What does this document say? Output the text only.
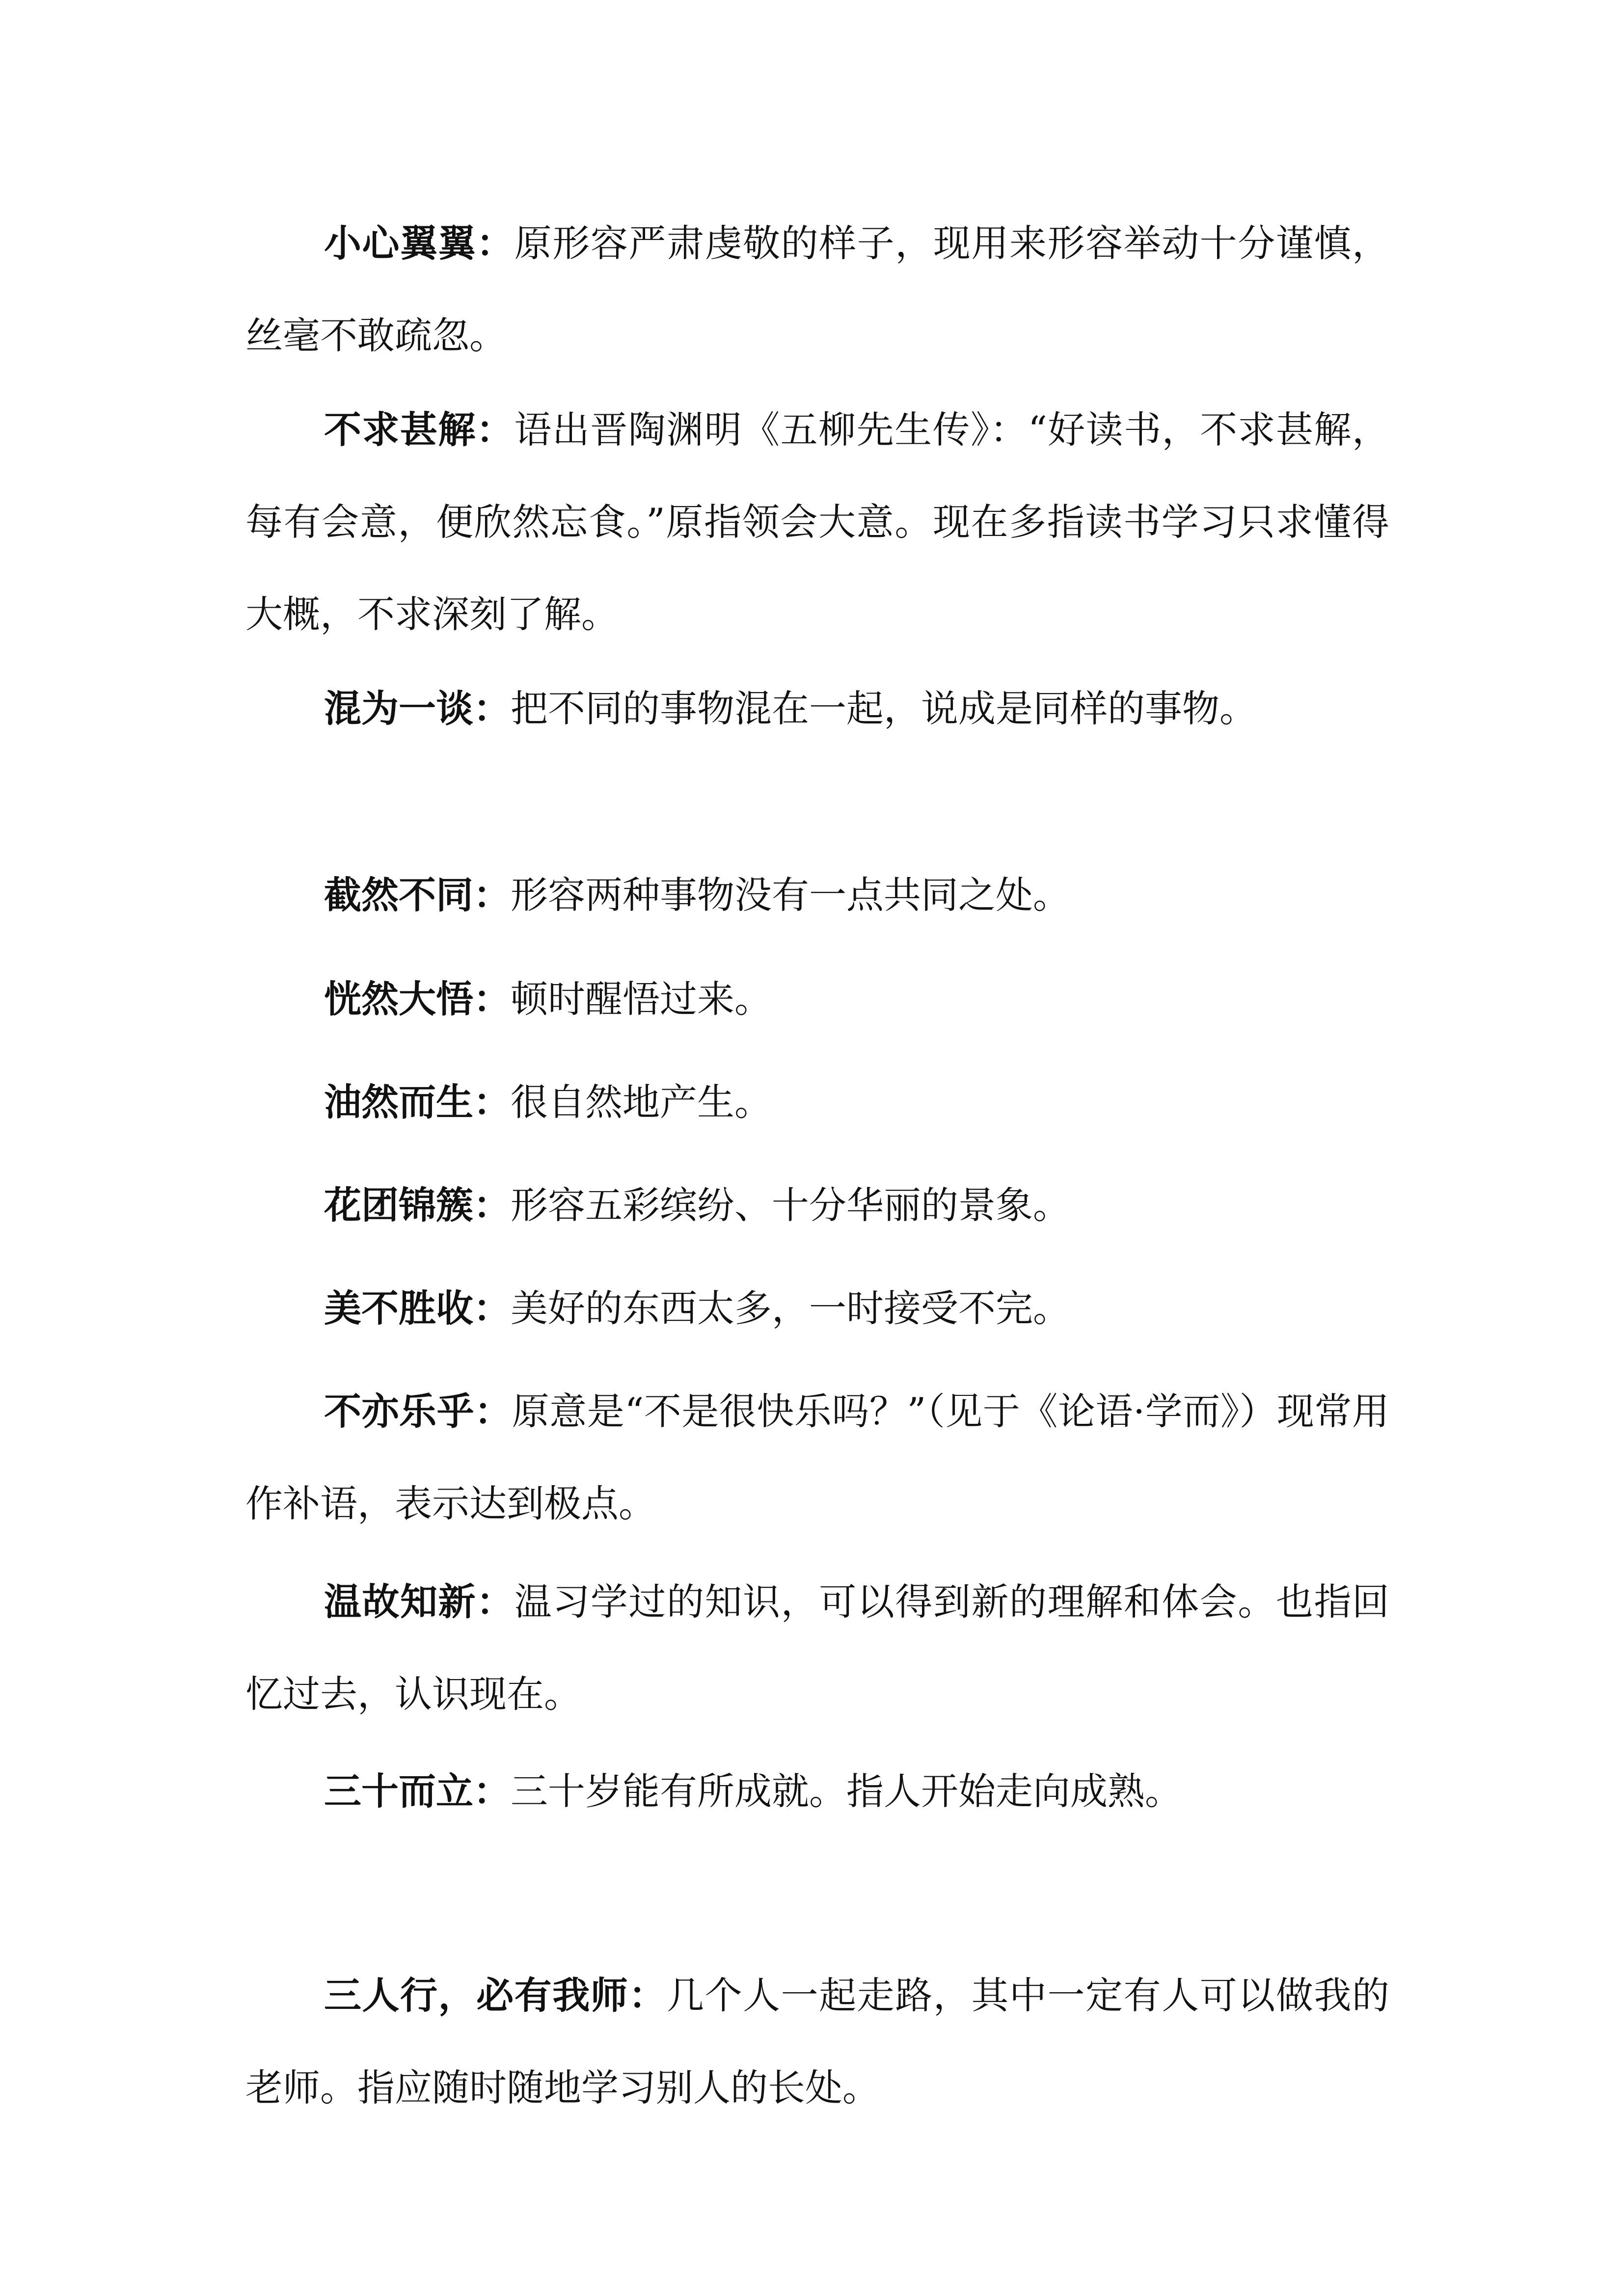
小心翼翼：原形容严肃虔敬的样子，现用来形容举动十分谨慎，丝毫不敢疏忽。

不求甚解：语出晋陶渊明《五柳先生传》：“好读书，不求甚解，每有会意，便欣然忘食。”原指领会大意。现在多指读书学习只求懂得大概，不求深刻了解。

混为一谈：把不同的事物混在一起，说成是同样的事物。

截然不同：形容两种事物没有一点共同之处。

恍然大悟：顿时醒悟过来。

油然而生：很自然地产生。

花团锦簇：形容五彩缤纷、十分华丽的景象。

美不胜收：美好的东西太多，一时接受不完。

不亦乐乎：原意是“不是很快乐吗？”（见于《论语·学而》）现常用作补语，表示达到极点。

温故知新：温习学过的知识，可以得到新的理解和体会。也指回忆过去，认识现在。

三十而立：三十岁能有所成就。指人开始走向成熟。

三人行，必有我师：几个人一起走路，其中一定有人可以做我的老师。指应随时随地学习别人的长处。
